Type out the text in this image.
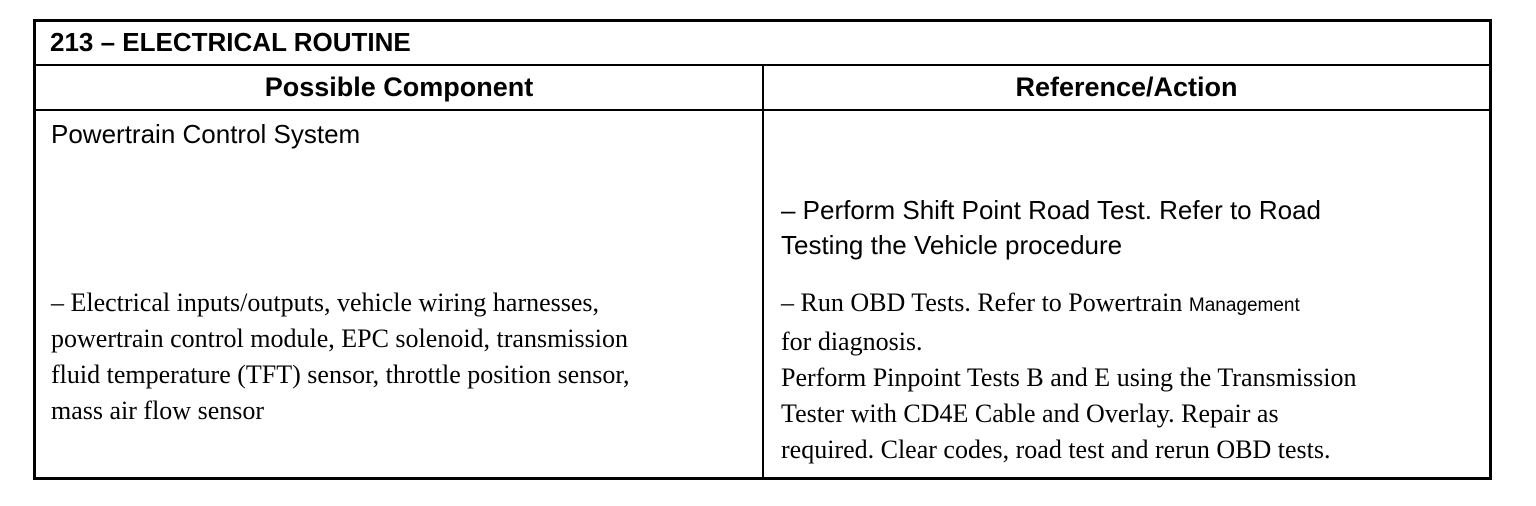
213 – ELECTRICAL ROUTINE
Possible Component	Reference/Action
Powertrain Control System
– Perform Shift Point Road Test. Refer to Road
Testing the Vehicle procedure
– Electrical inputs/outputs, vehicle wiring harnesses,
powertrain control module, EPC solenoid, transmission
fluid temperature (TFT) sensor, throttle position sensor,
mass air flow sensor
– Run OBD Tests. Refer to Powertrain Management
for diagnosis.
Perform Pinpoint Tests B and E using the Transmission
Tester with CD4E Cable and Overlay. Repair as
required. Clear codes, road test and rerun OBD tests.
